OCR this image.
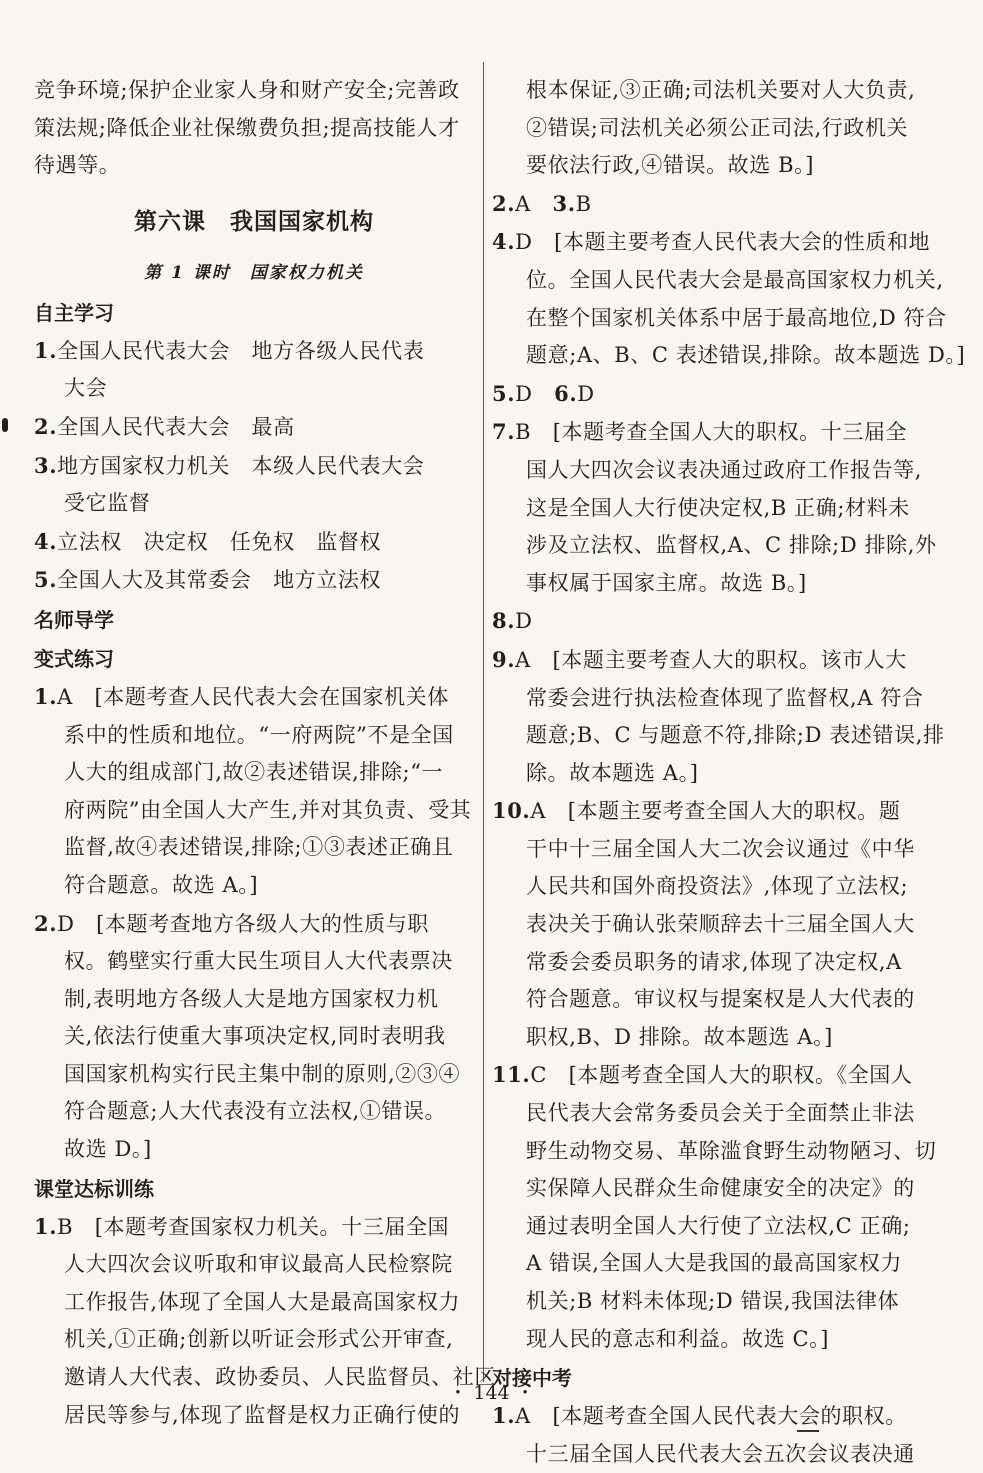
竞争环境;保护企业家人身和财产安全;完善政
策法规;降低企业社保缴费负担;提高技能人才
待遇等。
第六课　我国国家机构
第 1 课时　国家权力机关
自主学习
1.全国人民代表大会　地方各级人民代表
大会
2.全国人民代表大会　最高
3.地方国家权力机关　本级人民代表大会
受它监督
4.立法权　决定权　任免权　监督权
5.全国人大及其常委会　地方立法权
名师导学
变式练习
1.A　[本题考查人民代表大会在国家机关体
系中的性质和地位。“一府两院”不是全国
人大的组成部门,故②表述错误,排除;“一
府两院”由全国人大产生,并对其负责、受其
监督,故④表述错误,排除;①③表述正确且
符合题意。故选 A。]
2.D　[本题考查地方各级人大的性质与职
权。鹤壁实行重大民生项目人大代表票决
制,表明地方各级人大是地方国家权力机
关,依法行使重大事项决定权,同时表明我
国国家机构实行民主集中制的原则,②③④
符合题意;人大代表没有立法权,①错误。
故选 D。]
课堂达标训练
1.B　[本题考查国家权力机关。十三届全国
人大四次会议听取和审议最高人民检察院
工作报告,体现了全国人大是最高国家权力
机关,①正确;创新以听证会形式公开审查,
邀请人大代表、政协委员、人民监督员、社区
居民等参与,体现了监督是权力正确行使的
根本保证,③正确;司法机关要对人大负责,
②错误;司法机关必须公正司法,行政机关
要依法行政,④错误。故选 B。]
2.A　3.B
4.D　[本题主要考查人民代表大会的性质和地
位。全国人民代表大会是最高国家权力机关,
在整个国家机关体系中居于最高地位,D 符合
题意;A、B、C 表述错误,排除。故本题选 D。]
5.D　6.D
7.B　[本题考查全国人大的职权。十三届全
国人大四次会议表决通过政府工作报告等,
这是全国人大行使决定权,B 正确;材料未
涉及立法权、监督权,A、C 排除;D 排除,外
事权属于国家主席。故选 B。]
8.D
9.A　[本题主要考查人大的职权。该市人大
常委会进行执法检查体现了监督权,A 符合
题意;B、C 与题意不符,排除;D 表述错误,排
除。故本题选 A。]
10.A　[本题主要考查全国人大的职权。题
干中十三届全国人大二次会议通过《中华
人民共和国外商投资法》,体现了立法权;
表决关于确认张荣顺辞去十三届全国人大
常委会委员职务的请求,体现了决定权,A
符合题意。审议权与提案权是人大代表的
职权,B、D 排除。故本题选 A。]
11.C　[本题考查全国人大的职权。《全国人
民代表大会常务委员会关于全面禁止非法
野生动物交易、革除滥食野生动物陋习、切
实保障人民群众生命健康安全的决定》的
通过表明全国人大行使了立法权,C 正确;
A 错误,全国人大是我国的最高国家权力
机关;B 材料未体现;D 错误,我国法律体
现人民的意志和利益。故选 C。]
对接中考
1.A　[本题考查全国人民代表大会的职权。
十三届全国人民代表大会五次会议表决通
・ 144 ・
